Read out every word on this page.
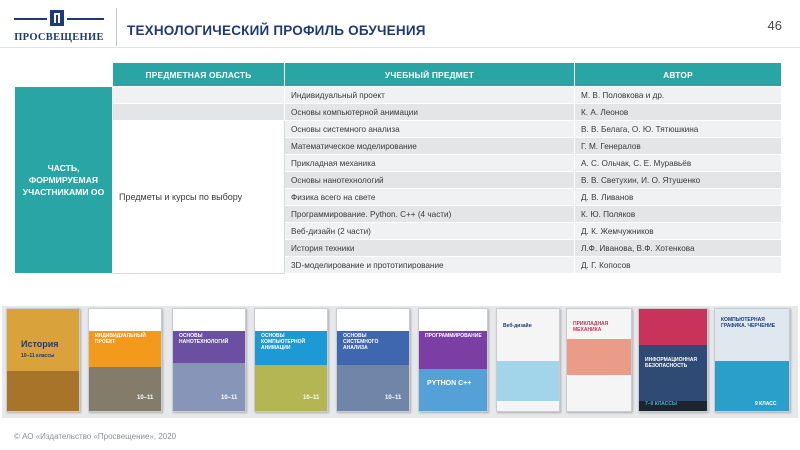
ПРОСВЕЩЕНИЕ ТЕХНОЛОГИЧЕСКИЙ ПРОФИЛЬ ОБУЧЕНИЯ	46
	ПРЕДМЕТНАЯ ОБЛАСТЬ	УЧЕБНЫЙ ПРЕДМЕТ	АВТОР
ЧАСТЬ, ФОРМИРУЕМАЯ УЧАСТНИКАМИ ОО		Индивидуальный проект	М. В. Половкова и др.
		Основы компьютерной анимации	К. А. Леонов
	Предметы и курсы по выбору	Основы системного анализа	В. В. Белага, О. Ю. Тятюшкина
		Математическое моделирование	Г. М. Генералов
		Прикладная механика	А. С. Ольчак, С. Е. Муравьёв
		Основы нанотехнологий	В. В. Светухин, И. О. Ятушенко
		Физика всего на свете	Д. В. Ливанов
		Программирование. Python. С++ (4 части)	К. Ю. Поляков
		Веб-дизайн (2 части)	Д. К. Жемчужников
		История техники	Л.Ф. Иванова, В.Ф. Хотенкова
		3D-моделирование и прототипирование	Д. Г. Копосов
История
10–11 классы
ИНДИВИДУАЛЬНЫЙ ПРОЕКТ
10–11
ОСНОВЫ НАНОТЕХНОЛОГИЙ
10–11
ОСНОВЫ КОМПЬЮТЕРНОЙ АНИМАЦИИ
10–11
ОСНОВЫ СИСТЕМНОГО АНАЛИЗА
10–11
ПРОГРАММИРОВАНИЕ
PYTHON C++
Веб-дизайн	ПРИКЛАДНАЯ МЕХАНИКА
ИНФОРМАЦИОННАЯ БЕЗОПАСНОСТЬ
7–9 КЛАССЫ
КОМПЬЮТЕРНАЯ ГРАФИКА. ЧЕРЧЕНИЕ
9 КЛАСС
© АО «Издательство «Просвещение», 2020
